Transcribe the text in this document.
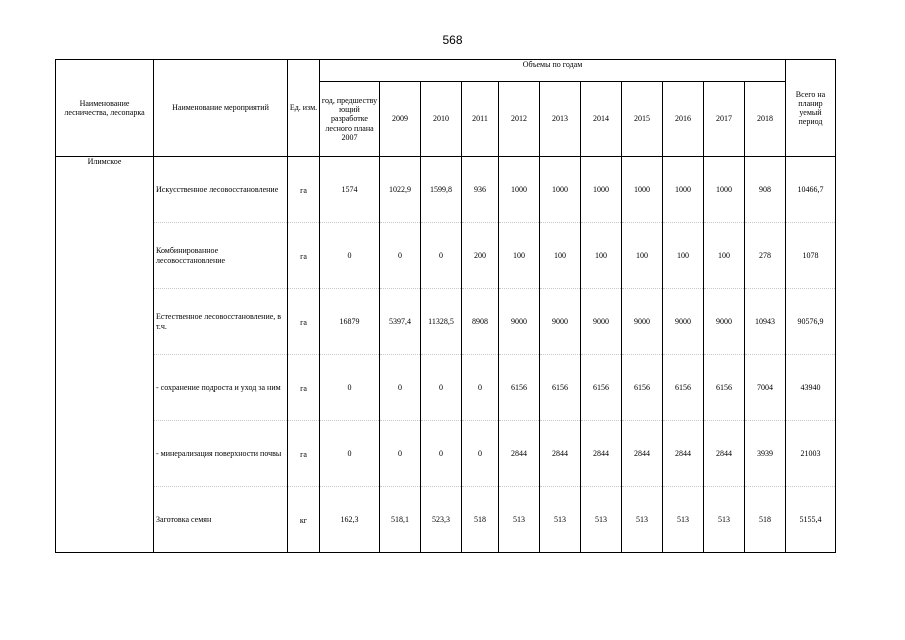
568
Наименование лесничества, лесопарка	Наименование мероприятий	Ед. изм.	Объемы по годам											Всего на планир уемый период
			год, предшеству ющий разработке лесного плана 2007	2009	2010	2011	2012	2013	2014	2015	2016	2017	2018	
Илимское	Искусственное лесовосстановление	га	1574	1022,9	1599,8	936	1000	1000	1000	1000	1000	1000	908	10466,7
	Комбинированное лесовосстановление	га	0	0	0	200	100	100	100	100	100	100	278	1078
	Естественное лесовосстановление, в т.ч.	га	16879	5397,4	11328,5	8908	9000	9000	9000	9000	9000	9000	10943	90576,9
	- сохранение подроста и уход за ним	га	0	0	0	0	6156	6156	6156	6156	6156	6156	7004	43940
	- минерализация поверхности почвы	га	0	0	0	0	2844	2844	2844	2844	2844	2844	3939	21003
	Заготовка семян	кг	162,3	518,1	523,3	518	513	513	513	513	513	513	518	5155,4
